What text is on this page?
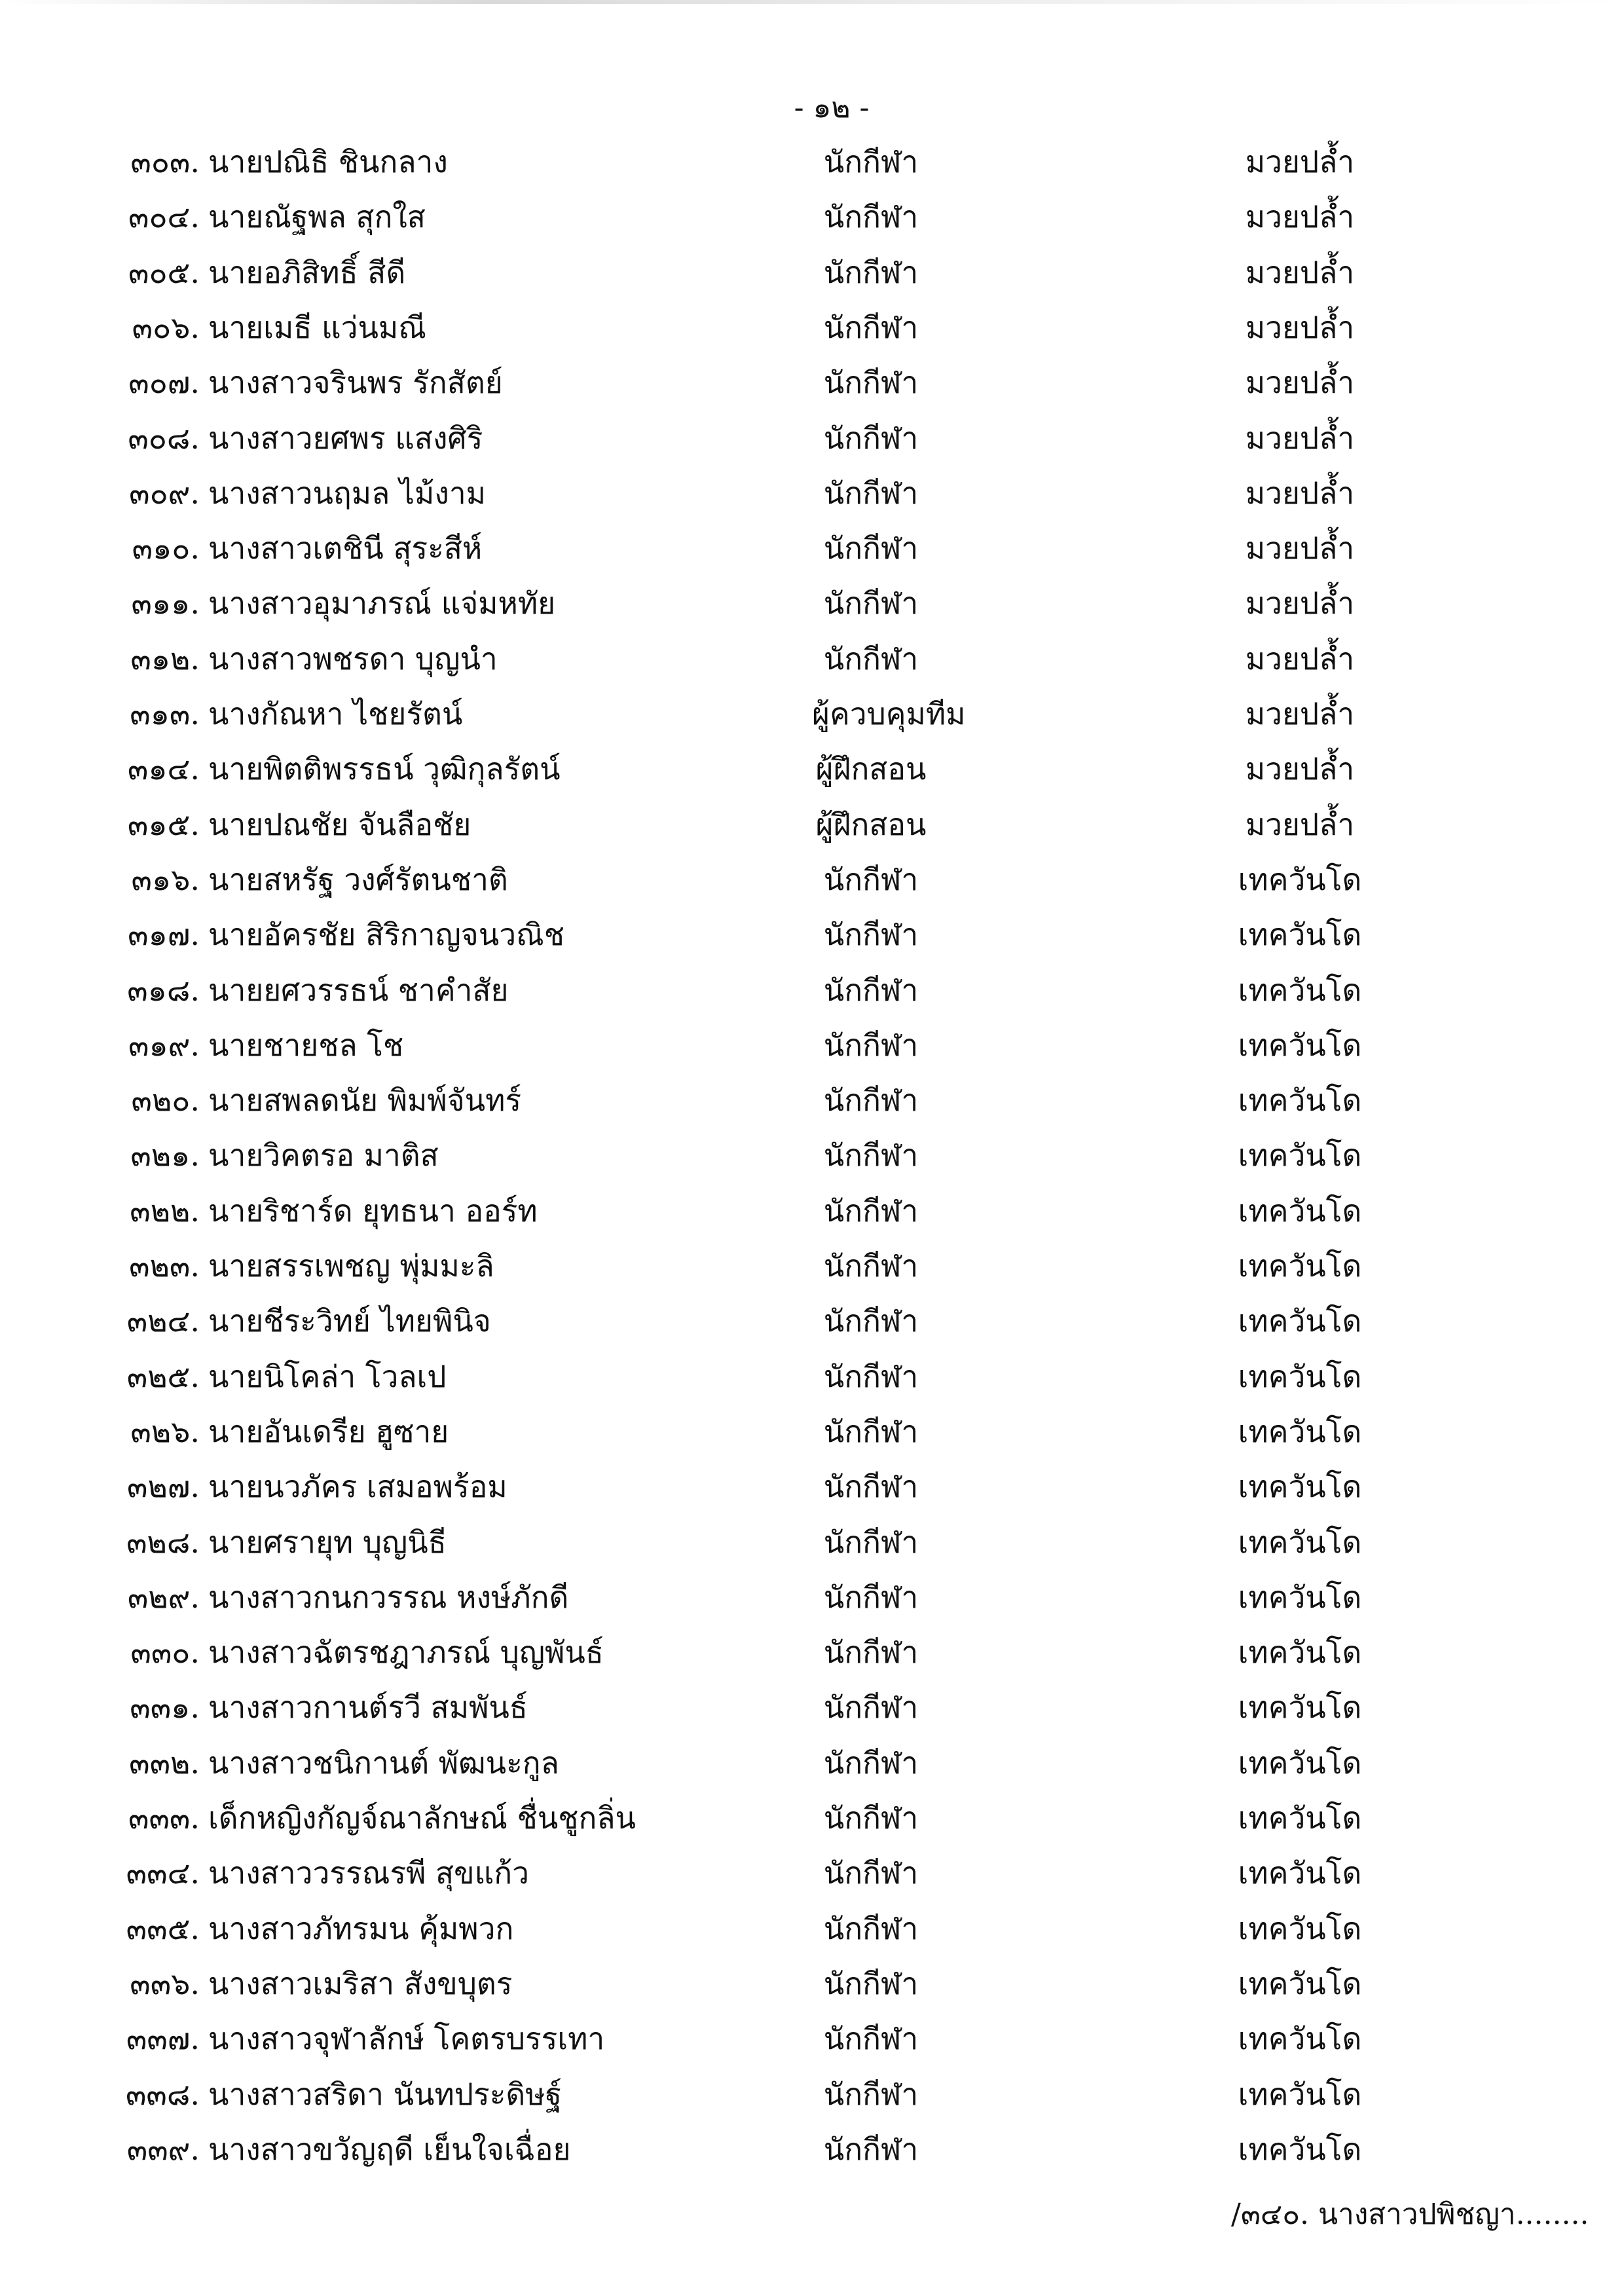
- ๑๒ -
๓๐๓. นายปณิธิ ชินกลาง	นักกีฬา	มวยปล้ำ
๓๐๔. นายณัฐพล สุกใส	นักกีฬา	มวยปล้ำ
๓๐๕. นายอภิสิทธิ์ สีดี	นักกีฬา	มวยปล้ำ
๓๐๖. นายเมธี แว่นมณี	นักกีฬา	มวยปล้ำ
๓๐๗. นางสาวจรินพร รักสัตย์	นักกีฬา	มวยปล้ำ
๓๐๘. นางสาวยศพร แสงศิริ	นักกีฬา	มวยปล้ำ
๓๐๙. นางสาวนฤมล ไม้งาม	นักกีฬา	มวยปล้ำ
๓๑๐. นางสาวเตชินี สุระสีห์	นักกีฬา	มวยปล้ำ
๓๑๑. นางสาวอุมาภรณ์ แจ่มหทัย	นักกีฬา	มวยปล้ำ
๓๑๒. นางสาวพชรดา บุญนำ	นักกีฬา	มวยปล้ำ
๓๑๓. นางกัณหา ไชยรัตน์	ผู้ควบคุมทีม	มวยปล้ำ
๓๑๔. นายพิตติพรรธน์ วุฒิกุลรัตน์	ผู้ฝึกสอน	มวยปล้ำ
๓๑๕. นายปณชัย จันลือชัย	ผู้ฝึกสอน	มวยปล้ำ
๓๑๖. นายสหรัฐ วงศ์รัตนชาติ	นักกีฬา	เทควันโด
๓๑๗. นายอัครชัย สิริกาญจนวณิช	นักกีฬา	เทควันโด
๓๑๘. นายยศวรรธน์ ชาคำสัย	นักกีฬา	เทควันโด
๓๑๙. นายชายชล โช	นักกีฬา	เทควันโด
๓๒๐. นายสพลดนัย พิมพ์จันทร์	นักกีฬา	เทควันโด
๓๒๑. นายวิคตรอ มาติส	นักกีฬา	เทควันโด
๓๒๒. นายริชาร์ด ยุทธนา ออร์ท	นักกีฬา	เทควันโด
๓๒๓. นายสรรเพชญ พุ่มมะลิ	นักกีฬา	เทควันโด
๓๒๔. นายชีระวิทย์ ไทยพินิจ	นักกีฬา	เทควันโด
๓๒๕. นายนิโคล่า โวลเป	นักกีฬา	เทควันโด
๓๒๖. นายอันเดรีย ฮูซาย	นักกีฬา	เทควันโด
๓๒๗. นายนวภัคร เสมอพร้อม	นักกีฬา	เทควันโด
๓๒๘. นายศรายุท บุญนิธี	นักกีฬา	เทควันโด
๓๒๙. นางสาวกนกวรรณ หงษ์ภักดี	นักกีฬา	เทควันโด
๓๓๐. นางสาวฉัตรชฎาภรณ์ บุญพันธ์	นักกีฬา	เทควันโด
๓๓๑. นางสาวกานต์รวี สมพันธ์	นักกีฬา	เทควันโด
๓๓๒. นางสาวชนิกานต์ พัฒนะกูล	นักกีฬา	เทควันโด
๓๓๓. เด็กหญิงกัญจ์ณาลักษณ์ ชื่นชูกลิ่น	นักกีฬา	เทควันโด
๓๓๔. นางสาววรรณรพี สุขแก้ว	นักกีฬา	เทควันโด
๓๓๕. นางสาวภัทรมน คุ้มพวก	นักกีฬา	เทควันโด
๓๓๖. นางสาวเมริสา สังขบุตร	นักกีฬา	เทควันโด
๓๓๗. นางสาวจุฬาลักษ์ โคตรบรรเทา	นักกีฬา	เทควันโด
๓๓๘. นางสาวสริดา นันทประดิษฐ์	นักกีฬา	เทควันโด
๓๓๙. นางสาวขวัญฤดี เย็นใจเฉื่อย	นักกีฬา	เทควันโด
/๓๔๐. นางสาวปพิชญา........
